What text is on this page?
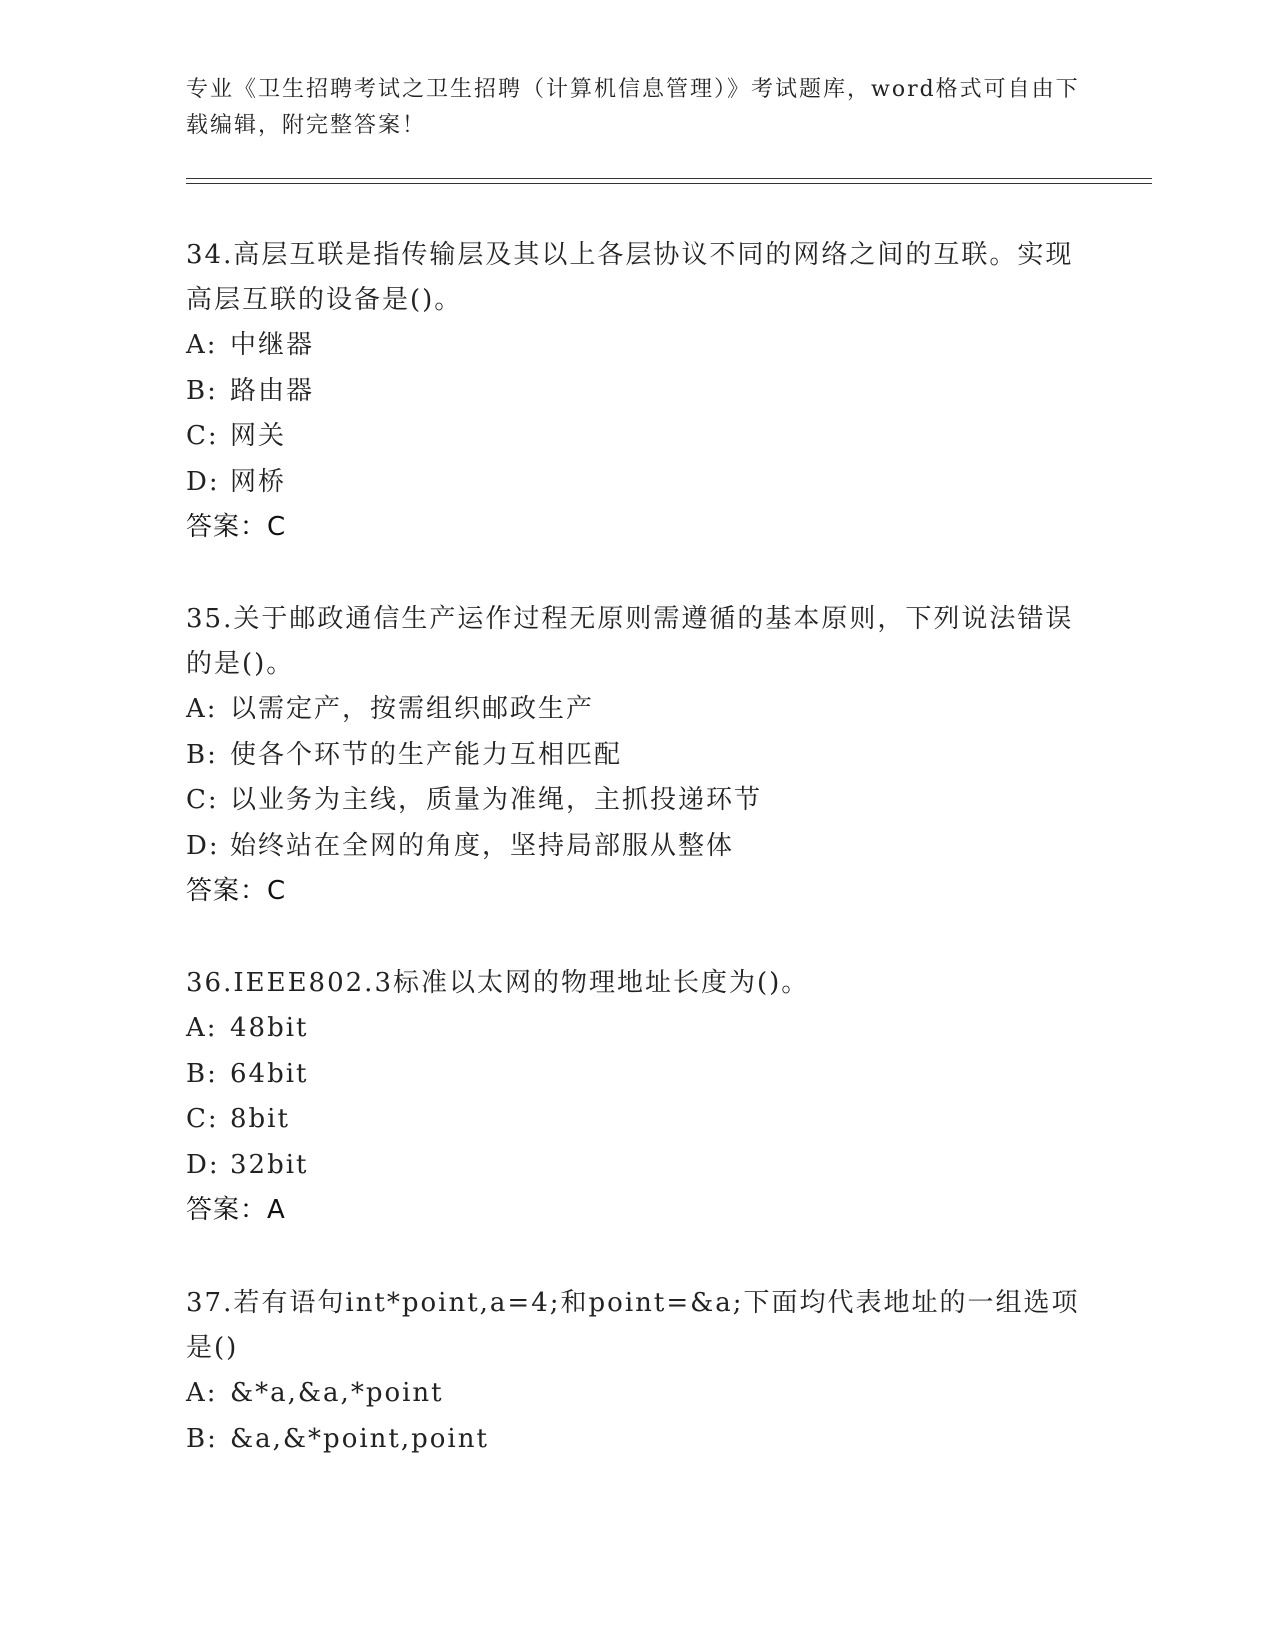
专业《卫生招聘考试之卫生招聘（计算机信息管理）》考试题库，word格式可自由下载编辑，附完整答案！

34.高层互联是指传输层及其以上各层协议不同的网络之间的互联。实现高层互联的设备是()。

A: 中继器

B: 路由器

C: 网关

D: 网桥

答案：C

35.关于邮政通信生产运作过程无原则需遵循的基本原则，下列说法错误的是()。

A: 以需定产，按需组织邮政生产

B: 使各个环节的生产能力互相匹配

C: 以业务为主线，质量为准绳，主抓投递环节

D: 始终站在全网的角度，坚持局部服从整体

答案：C

36.IEEE802.3标准以太网的物理地址长度为()。

A: 48bit

B: 64bit

C: 8bit

D: 32bit

答案：A

37.若有语句int*point,a=4;和point=&a;下面均代表地址的一组选项是()

A: &*a,&a,*point

B: &a,&*point,point
